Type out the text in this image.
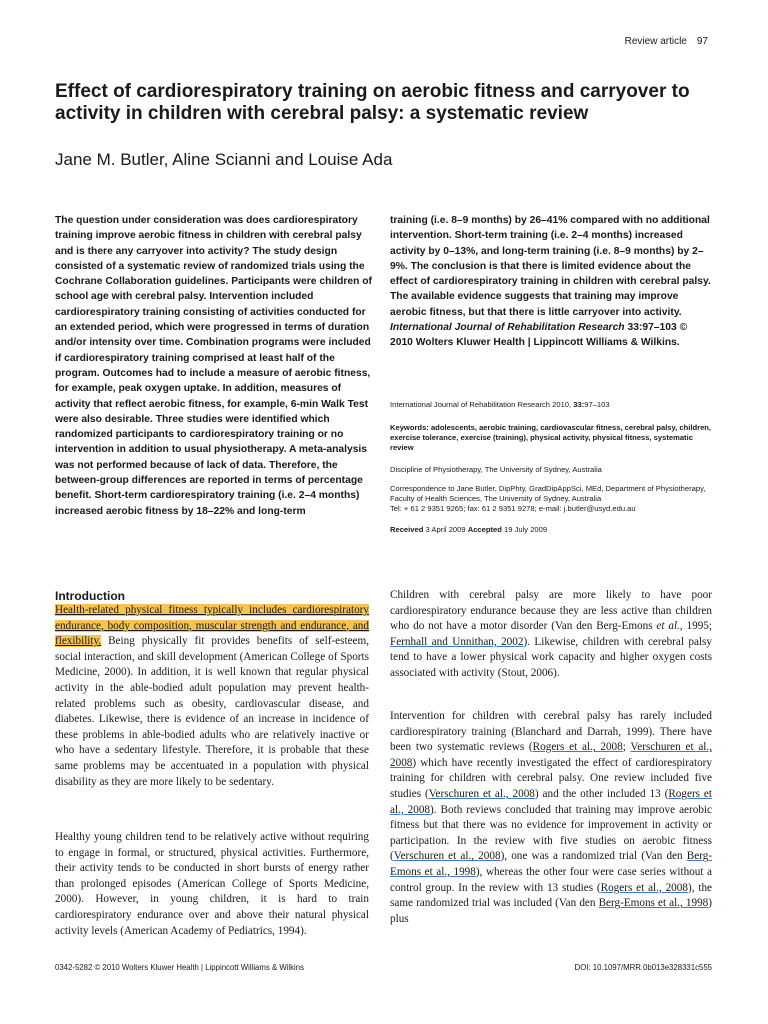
Review article 97
Effect of cardiorespiratory training on aerobic fitness and carryover to activity in children with cerebral palsy: a systematic review

Jane M. Butler, Aline Scianni and Louise Ada

The question under consideration was does cardiorespiratory training improve aerobic fitness in children with cerebral palsy and is there any carryover into activity? The study design consisted of a systematic review of randomized trials using the Cochrane Collaboration guidelines. Participants were children of school age with cerebral palsy. Intervention included cardiorespiratory training consisting of activities conducted for an extended period, which were progressed in terms of duration and/or intensity over time. Combination programs were included if cardiorespiratory training comprised at least half of the program. Outcomes had to include a measure of aerobic fitness, for example, peak oxygen uptake. In addition, measures of activity that reflect aerobic fitness, for example, 6-min Walk Test were also desirable. Three studies were identified which randomized participants to cardiorespiratory training or no intervention in addition to usual physiotherapy. A meta-analysis was not performed because of lack of data. Therefore, the between-group differences are reported in terms of percentage benefit. Short-term cardiorespiratory training (i.e. 2–4 months) increased aerobic fitness by 18–22% and long-term

training (i.e. 8–9 months) by 26–41% compared with no additional intervention. Short-term training (i.e. 2–4 months) increased activity by 0–13%, and long-term training (i.e. 8–9 months) by 2–9%. The conclusion is that there is limited evidence about the effect of cardiorespiratory training in children with cerebral palsy. The available evidence suggests that training may improve aerobic fitness, but that there is little carryover into activity. International Journal of Rehabilitation Research 33:97–103 © 2010 Wolters Kluwer Health | Lippincott Williams & Wilkins.

International Journal of Rehabilitation Research 2010, 33:97–103

Keywords: adolescents, aerobic training, cardiovascular fitness, cerebral palsy, children, exercise tolerance, exercise (training), physical activity, physical fitness, systematic review

Discipline of Physiotherapy, The University of Sydney, Australia

Correspondence to Jane Butler, DipPhty, GradDipAppSci, MEd, Department of Physiotherapy, Faculty of Health Sciences, The University of Sydney, Australia
Tel: + 61 2 9351 9265; fax: 61 2 9351 9278; e-mail: j.butler@usyd.edu.au

Received 3 April 2009 Accepted 19 July 2009

Introduction

Health-related physical fitness typically includes cardiorespiratory endurance, body composition, muscular strength and endurance, and flexibility. Being physically fit provides benefits of self-esteem, social interaction, and skill development (American College of Sports Medicine, 2000). In addition, it is well known that regular physical activity in the able-bodied adult population may prevent health-related problems such as obesity, cardiovascular disease, and diabetes. Likewise, there is evidence of an increase in incidence of these problems in able-bodied adults who are relatively inactive or who have a sedentary lifestyle. Therefore, it is probable that these same problems may be accentuated in a population with physical disability as they are more likely to be sedentary.

Healthy young children tend to be relatively active without requiring to engage in formal, or structured, physical activities. Furthermore, their activity tends to be conducted in short bursts of energy rather than prolonged episodes (American College of Sports Medicine, 2000). However, in young children, it is hard to train cardiorespiratory endurance over and above their natural physical activity levels (American Academy of Pediatrics, 1994).

Children with cerebral palsy are more likely to have poor cardiorespiratory endurance because they are less active than children who do not have a motor disorder (Van den Berg-Emons et al., 1995; Fernhall and Unnithan, 2002). Likewise, children with cerebral palsy tend to have a lower physical work capacity and higher oxygen costs associated with activity (Stout, 2006).

Intervention for children with cerebral palsy has rarely included cardiorespiratory training (Blanchard and Darrah, 1999). There have been two systematic reviews (Rogers et al., 2008; Verschuren et al., 2008) which have recently investigated the effect of cardiorespiratory training for children with cerebral palsy. One review included five studies (Verschuren et al., 2008) and the other included 13 (Rogers et al., 2008). Both reviews concluded that training may improve aerobic fitness but that there was no evidence for improvement in activity or participation. In the review with five studies on aerobic fitness (Verschuren et al., 2008), one was a randomized trial (Van den Berg-Emons et al., 1998), whereas the other four were case series without a control group. In the review with 13 studies (Rogers et al., 2008), the same randomized trial was included (Van den Berg-Emons et al., 1998) plus

0342-5282 © 2010 Wolters Kluwer Health | Lippincott Williams & Wilkins	DOI: 10.1097/MRR.0b013e328331c555
